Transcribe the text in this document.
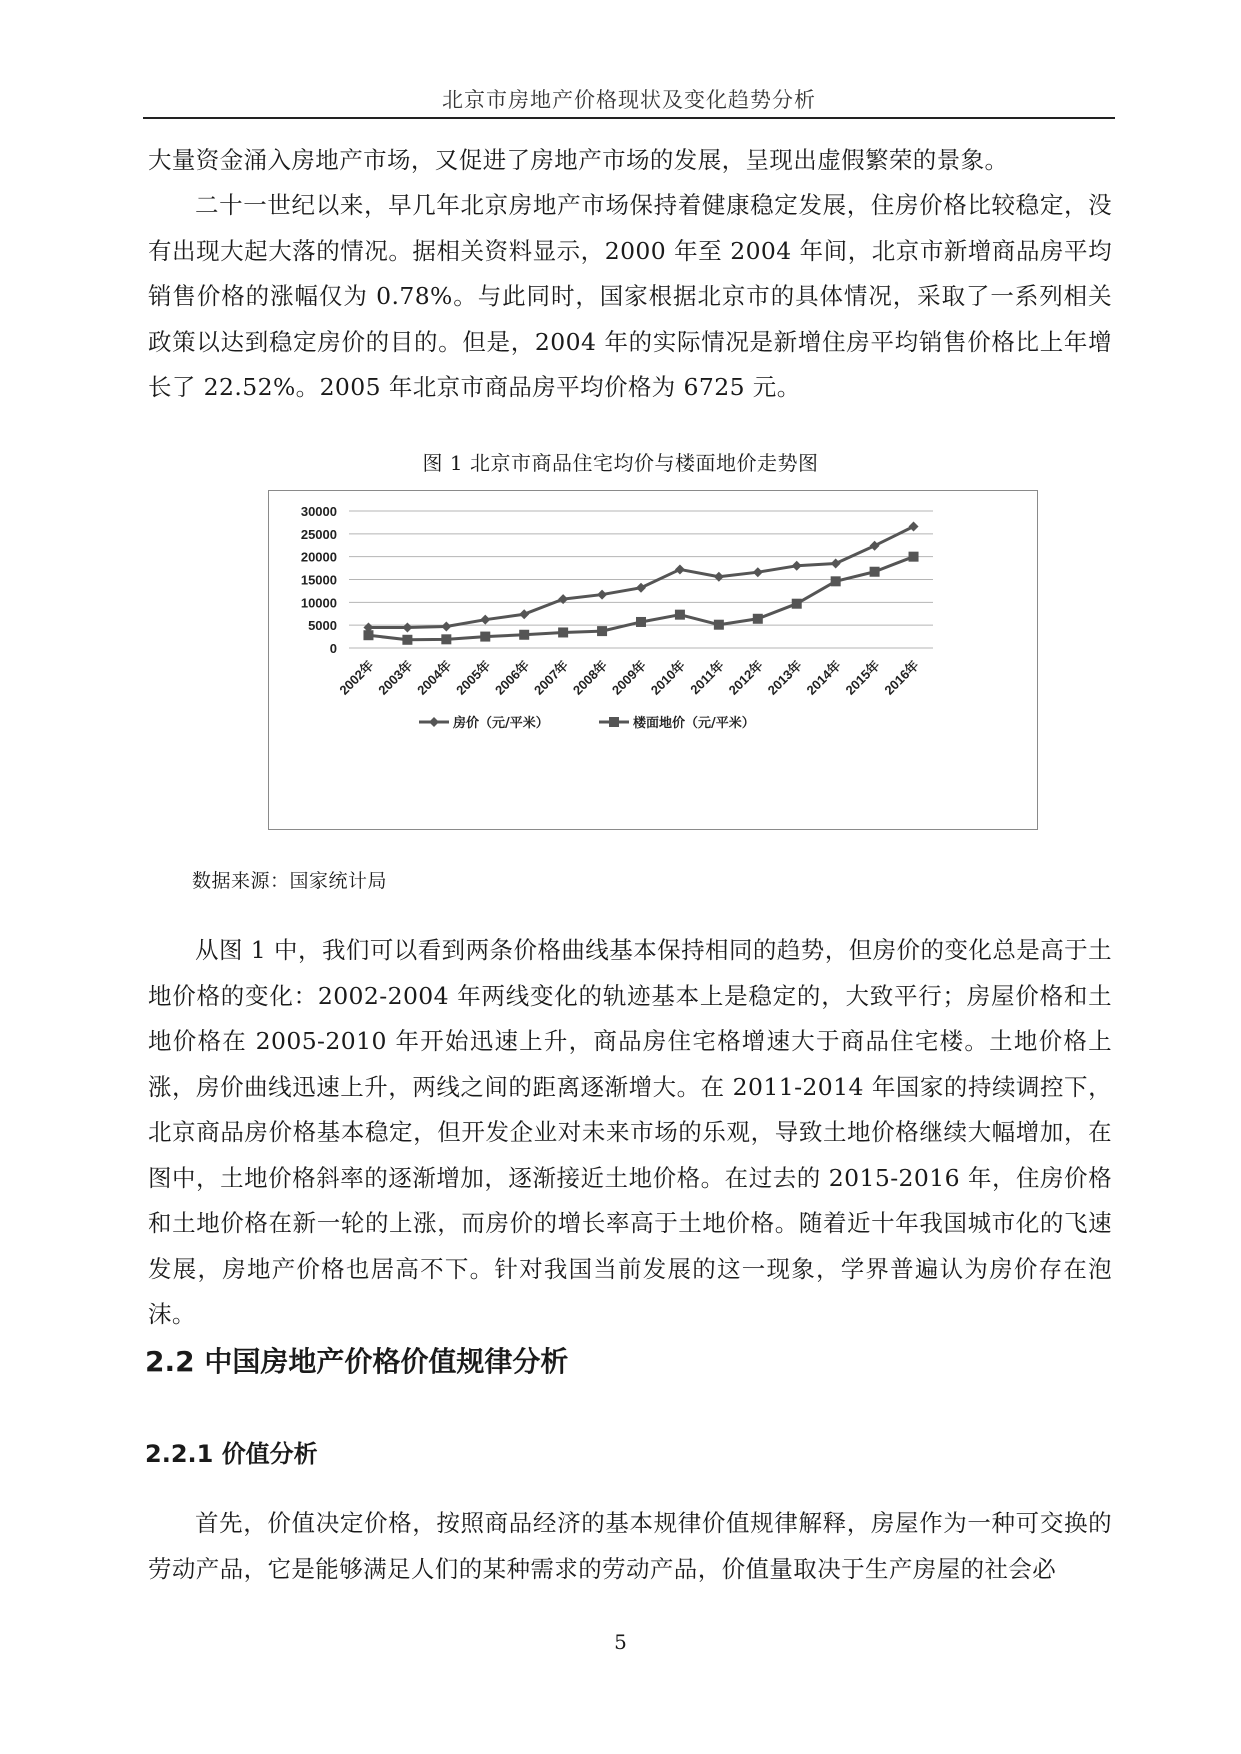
北京市房地产价格现状及变化趋势分析

大量资金涌入房地产市场，又促进了房地产市场的发展，呈现出虚假繁荣的景象。

二十一世纪以来，早几年北京房地产市场保持着健康稳定发展，住房价格比较稳定，没有出现大起大落的情况。据相关资料显示，2000 年至 2004 年间，北京市新增商品房平均销售价格的涨幅仅为 0.78%。与此同时，国家根据北京市的具体情况，采取了一系列相关政策以达到稳定房价的目的。但是，2004 年的实际情况是新增住房平均销售价格比上年增长了 22.52%。2005 年北京市商品房平均价格为 6725 元。

图 1 北京市商品住宅均价与楼面地价走势图
30000
25000
20000
15000
10000
5000
0
2002年
2003年
2004年
2005年
2006年
2007年
2008年
2009年
2010年 2011年
2012年
2013年
2014年
2015年
2016年
房价（元/平米）	楼面地价（元/平米）
数据来源：国家统计局

从图 1 中，我们可以看到两条价格曲线基本保持相同的趋势，但房价的变化总是高于土地价格的变化：2002-2004 年两线变化的轨迹基本上是稳定的，大致平行；房屋价格和土地价格在 2005-2010 年开始迅速上升，商品房住宅格增速大于商品住宅楼。土地价格上涨，房价曲线迅速上升，两线之间的距离逐渐增大。在 2011-2014 年国家的持续调控下，北京商品房价格基本稳定，但开发企业对未来市场的乐观，导致土地价格继续大幅增加，在图中，土地价格斜率的逐渐增加，逐渐接近土地价格。在过去的 2015-2016 年，住房价格和土地价格在新一轮的上涨，而房价的增长率高于土地价格。随着近十年我国城市化的飞速发展，房地产价格也居高不下。针对我国当前发展的这一现象，学界普遍认为房价存在泡沫。

2.2 中国房地产价格价值规律分析
2.2.1 价值分析

首先，价值决定价格，按照商品经济的基本规律价值规律解释，房屋作为一种可交换的劳动产品，它是能够满足人们的某种需求的劳动产品，价值量取决于生产房屋的社会必

5
